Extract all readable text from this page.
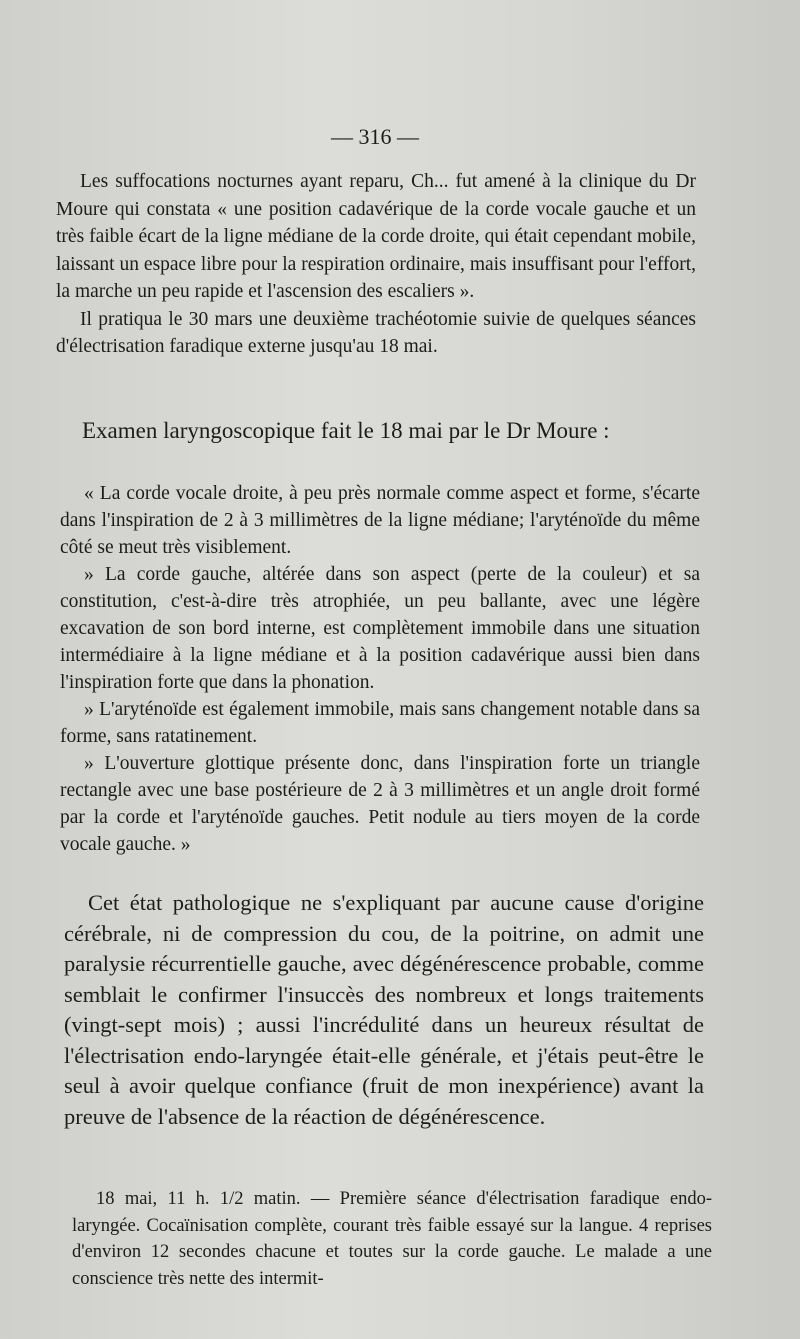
— 316 —

Les suffocations nocturnes ayant reparu, Ch... fut amené à la clinique du Dr Moure qui constata « une position cadavérique de la corde vocale gauche et un très faible écart de la ligne médiane de la corde droite, qui était cependant mobile, laissant un espace libre pour la respiration ordinaire, mais insuffisant pour l'effort, la marche un peu rapide et l'ascension des escaliers ».

Il pratiqua le 30 mars une deuxième trachéotomie suivie de quelques séances d'électrisation faradique externe jusqu'au 18 mai.

Examen laryngoscopique fait le 18 mai par le Dr Moure :

« La corde vocale droite, à peu près normale comme aspect et forme, s'écarte dans l'inspiration de 2 à 3 millimètres de la ligne médiane; l'aryténoïde du même côté se meut très visiblement.

» La corde gauche, altérée dans son aspect (perte de la couleur) et sa constitution, c'est-à-dire très atrophiée, un peu ballante, avec une légère excavation de son bord interne, est complètement immobile dans une situation intermédiaire à la ligne médiane et à la position cadavérique aussi bien dans l'inspiration forte que dans la phonation.

» L'aryténoïde est également immobile, mais sans changement notable dans sa forme, sans ratatinement.

» L'ouverture glottique présente donc, dans l'inspiration forte un triangle rectangle avec une base postérieure de 2 à 3 millimètres et un angle droit formé par la corde et l'aryténoïde gauches. Petit nodule au tiers moyen de la corde vocale gauche. »

Cet état pathologique ne s'expliquant par aucune cause d'origine cérébrale, ni de compression du cou, de la poitrine, on admit une paralysie récurrentielle gauche, avec dégénérescence probable, comme semblait le confirmer l'insuccès des nombreux et longs traitements (vingt-sept mois) ; aussi l'incrédulité dans un heureux résultat de l'électrisation endo-laryngée était-elle générale, et j'étais peut-être le seul à avoir quelque confiance (fruit de mon inexpérience) avant la preuve de l'absence de la réaction de dégénérescence.

18 mai, 11 h. 1/2 matin. — Première séance d'électrisation faradique endo-laryngée. Cocaïnisation complète, courant très faible essayé sur la langue. 4 reprises d'environ 12 secondes chacune et toutes sur la corde gauche. Le malade a une conscience très nette des intermit-
